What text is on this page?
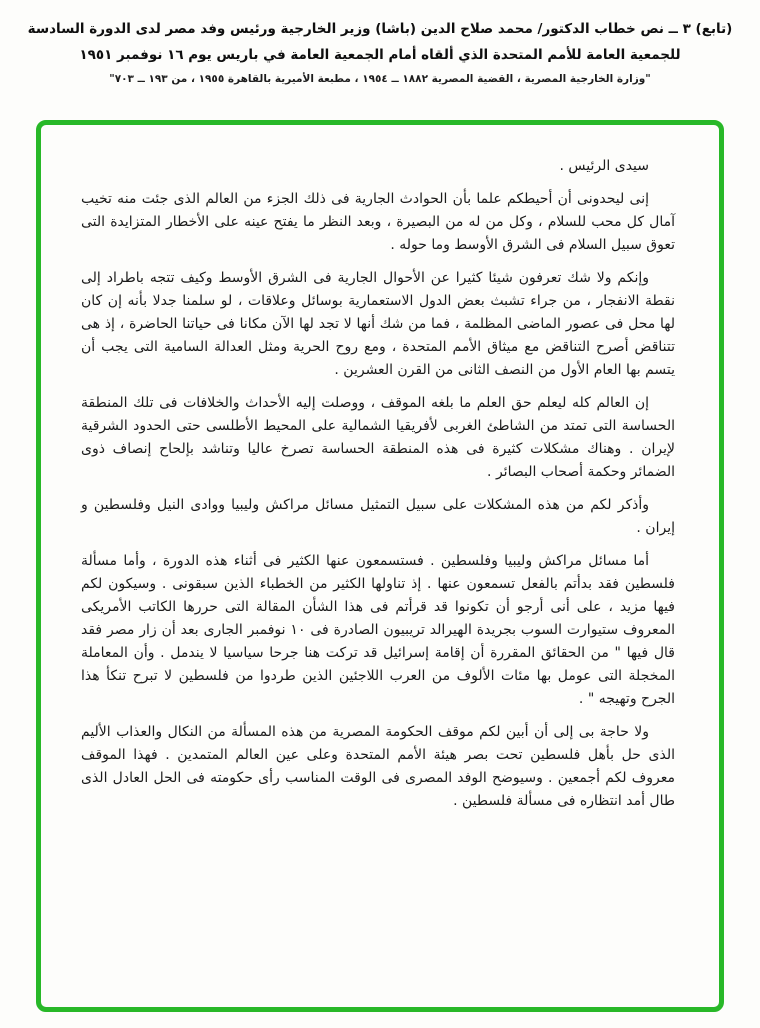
(تابع) ٣ ــ نص خطاب الدكتور/ محمد صلاح الدين (باشا) وزير الخارجية ورئيس وفد مصر لدى الدورة السادسة
للجمعية العامة للأمم المتحدة الذي ألقاه أمام الجمعية العامة في باريس يوم ١٦ نوفمبر ١٩٥١
"وزارة الخارجية المصرية ، القضية المصرية ١٨٨٢ ــ ١٩٥٤ ، مطبعة الأميرية بالقاهرة ١٩٥٥ ، من ١٩٣ ــ ٧٠٣"

سيدى الرئيس .

إنى ليحدونى أن أحيطكم علما بأن الحوادث الجارية فى ذلك الجزء من العالم الذى جئت منه تخيب آمال كل محب للسلام ، وكل من له من البصيرة ، وبعد النظر ما يفتح عينه على الأخطار المتزايدة التى تعوق سبيل السلام فى الشرق الأوسط وما حوله .

وإنكم ولا شك تعرفون شيئا كثيرا عن الأحوال الجارية فى الشرق الأوسط وكيف تتجه باطراد إلى نقطة الانفجار ، من جراء تشبث بعض الدول الاستعمارية بوسائل وعلاقات ، لو سلمنا جدلا بأنه إن كان لها محل فى عصور الماضى المظلمة ، فما من شك أنها لا تجد لها الآن مكانا فى حياتنا الحاضرة ، إذ هى تتناقض أصرح التناقض مع ميثاق الأمم المتحدة ، ومع روح الحرية ومثل العدالة السامية التى يجب أن يتسم بها العام الأول من النصف الثانى من القرن العشرين .

إن العالم كله ليعلم حق العلم ما بلغه الموقف ، ووصلت إليه الأحداث والخلافات فى تلك المنطقة الحساسة التى تمتد من الشاطئ الغربى لأفريقيا الشمالية على المحيط الأطلسى حتى الحدود الشرقية لإيران . وهناك مشكلات كثيرة فى هذه المنطقة الحساسة تصرخ عاليا وتناشد بإلحاح إنصاف ذوى الضمائر وحكمة أصحاب البصائر .

وأذكر لكم من هذه المشكلات على سبيل التمثيل مسائل مراكش وليبيا ووادى النيل وفلسطين و إيران .

أما مسائل مراكش وليبيا وفلسطين . فستسمعون عنها الكثير فى أثناء هذه الدورة ، وأما مسألة فلسطين فقد بدأتم بالفعل تسمعون عنها . إذ تناولها الكثير من الخطباء الذين سبقونى . وسيكون لكم فيها مزيد ، على أنى أرجو أن تكونوا قد قرأتم فى هذا الشأن المقالة التى حررها الكاتب الأمريكى المعروف ستيوارت السوب بجريدة الهيرالد تريبيون الصادرة فى ١٠ نوفمبر الجارى بعد أن زار مصر فقد قال فيها " من الحقائق المقررة أن إقامة إسرائيل قد تركت هنا جرحا سياسيا لا يندمل . وأن المعاملة المخجلة التى عومل بها مئات الألوف من العرب اللاجئين الذين طردوا من فلسطين لا تبرح تنكأ هذا الجرح وتهيجه " .

ولا حاجة بى إلى أن أبين لكم موقف الحكومة المصرية من هذه المسألة من النكال والعذاب الأليم الذى حل بأهل فلسطين تحت بصر هيئة الأمم المتحدة وعلى عين العالم المتمدين . فهذا الموقف معروف لكم أجمعين . وسيوضح الوفد المصرى فى الوقت المناسب رأى حكومته فى الحل العادل الذى طال أمد انتظاره فى مسألة فلسطين .
